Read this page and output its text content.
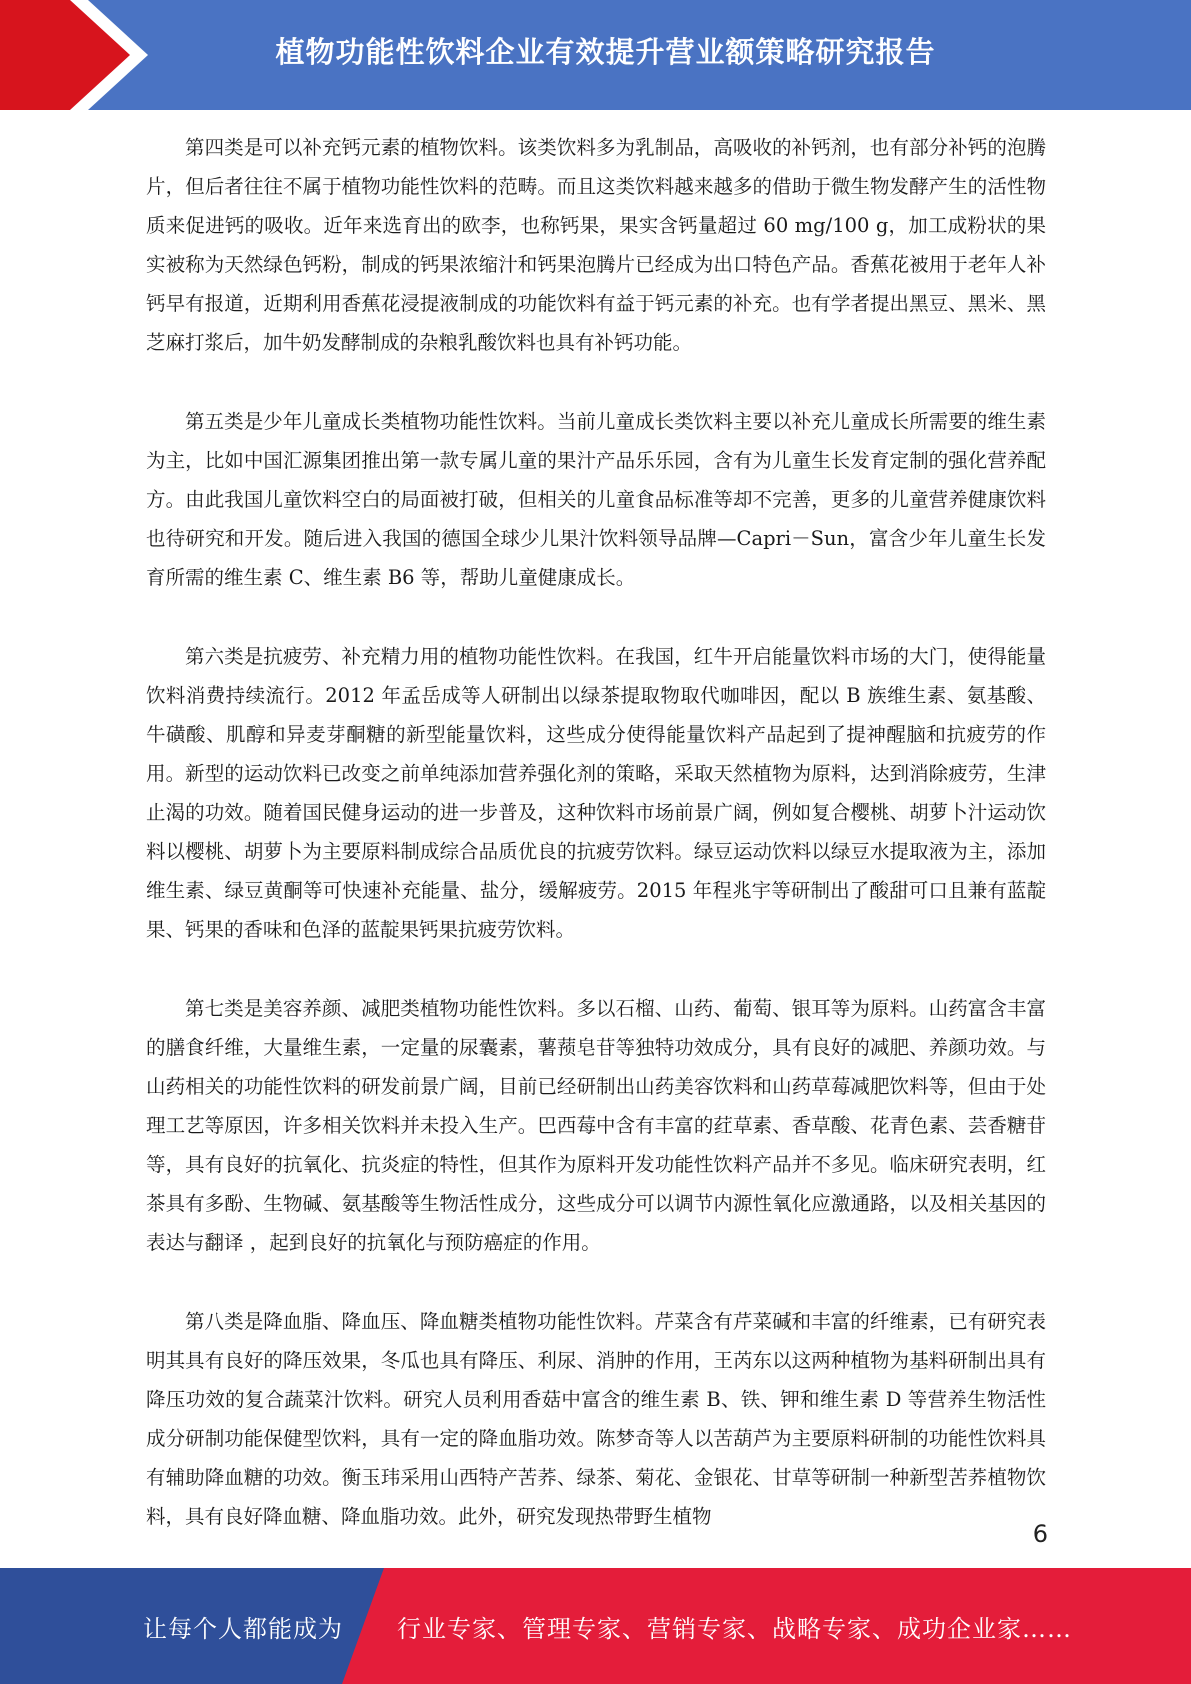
植物功能性饮料企业有效提升营业额策略研究报告

第四类是可以补充钙元素的植物饮料。该类饮料多为乳制品，高吸收的补钙剂，也有部分补钙的泡腾片，但后者往往不属于植物功能性饮料的范畴。而且这类饮料越来越多的借助于微生物发酵产生的活性物质来促进钙的吸收。近年来选育出的欧李，也称钙果，果实含钙量超过 60 mg/100 g，加工成粉状的果实被称为天然绿色钙粉，制成的钙果浓缩汁和钙果泡腾片已经成为出口特色产品。香蕉花被用于老年人补钙早有报道，近期利用香蕉花浸提液制成的功能饮料有益于钙元素的补充。也有学者提出黑豆、黑米、黑芝麻打浆后，加牛奶发酵制成的杂粮乳酸饮料也具有补钙功能。

第五类是少年儿童成长类植物功能性饮料。当前儿童成长类饮料主要以补充儿童成长所需要的维生素为主，比如中国汇源集团推出第一款专属儿童的果汁产品乐乐园，含有为儿童生长发育定制的强化营养配方。由此我国儿童饮料空白的局面被打破，但相关的儿童食品标准等却不完善，更多的儿童营养健康饮料也待研究和开发。随后进入我国的德国全球少儿果汁饮料领导品牌—Capri－Sun，富含少年儿童生长发育所需的维生素 C、维生素 B6 等，帮助儿童健康成长。

第六类是抗疲劳、补充精力用的植物功能性饮料。在我国，红牛开启能量饮料市场的大门，使得能量饮料消费持续流行。2012 年孟岳成等人研制出以绿茶提取物取代咖啡因，配以 B 族维生素、氨基酸、牛磺酸、肌醇和异麦芽酮糖的新型能量饮料，这些成分使得能量饮料产品起到了提神醒脑和抗疲劳的作用。新型的运动饮料已改变之前单纯添加营养强化剂的策略，采取天然植物为原料，达到消除疲劳，生津止渴的功效。随着国民健身运动的进一步普及，这种饮料市场前景广阔，例如复合樱桃、胡萝卜汁运动饮料以樱桃、胡萝卜为主要原料制成综合品质优良的抗疲劳饮料。绿豆运动饮料以绿豆水提取液为主，添加维生素、绿豆黄酮等可快速补充能量、盐分，缓解疲劳。2015 年程兆宇等研制出了酸甜可口且兼有蓝靛果、钙果的香味和色泽的蓝靛果钙果抗疲劳饮料。

第七类是美容养颜、减肥类植物功能性饮料。多以石榴、山药、葡萄、银耳等为原料。山药富含丰富的膳食纤维，大量维生素，一定量的尿囊素，薯蓣皂苷等独特功效成分，具有良好的减肥、养颜功效。与山药相关的功能性饮料的研发前景广阔，目前已经研制出山药美容饮料和山药草莓减肥饮料等，但由于处理工艺等原因，许多相关饮料并未投入生产。巴西莓中含有丰富的荭草素、香草酸、花青色素、芸香糖苷等，具有良好的抗氧化、抗炎症的特性，但其作为原料开发功能性饮料产品并不多见。临床研究表明，红茶具有多酚、生物碱、氨基酸等生物活性成分，这些成分可以调节内源性氧化应激通路，以及相关基因的表达与翻译 ，起到良好的抗氧化与预防癌症的作用。

第八类是降血脂、降血压、降血糖类植物功能性饮料。芹菜含有芹菜碱和丰富的纤维素，已有研究表明其具有良好的降压效果，冬瓜也具有降压、利尿、消肿的作用，王芮东以这两种植物为基料研制出具有降压功效的复合蔬菜汁饮料。研究人员利用香菇中富含的维生素 B、铁、钾和维生素 D 等营养生物活性成分研制功能保健型饮料，具有一定的降血脂功效。陈梦奇等人以苦葫芦为主要原料研制的功能性饮料具有辅助降血糖的功效。衡玉玮采用山西特产苦荞、绿茶、菊花、金银花、甘草等研制一种新型苦荞植物饮料，具有良好降血糖、降血脂功效。此外，研究发现热带野生植物

6
让每个人都能成为 行业专家、管理专家、营销专家、战略专家、成功企业家……
